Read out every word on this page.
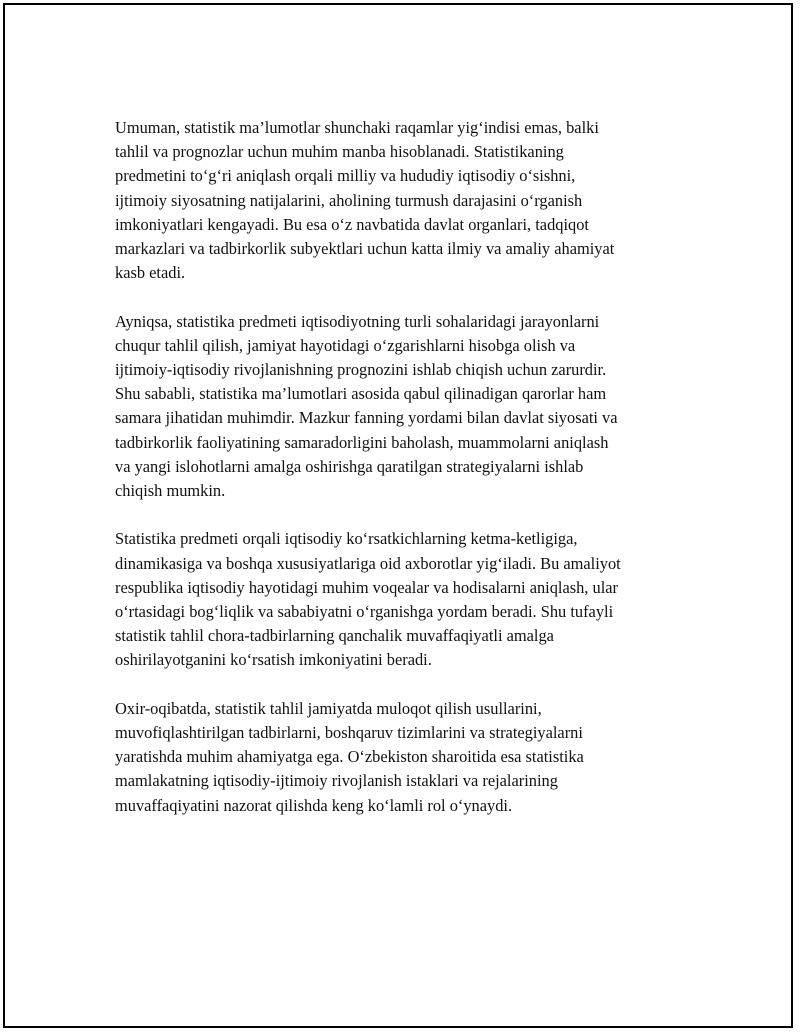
Umuman, statistik ma’lumotlar shunchaki raqamlar yig‘indisi emas, balki
tahlil va prognozlar uchun muhim manba hisoblanadi. Statistikaning
predmetini to‘g‘ri aniqlash orqali milliy va hududiy iqtisodiy o‘sishni,
ijtimoiy siyosatning natijalarini, aholining turmush darajasini o‘rganish
imkoniyatlari kengayadi. Bu esa o‘z navbatida davlat organlari, tadqiqot
markazlari va tadbirkorlik subyektlari uchun katta ilmiy va amaliy ahamiyat
kasb etadi.

Ayniqsa, statistika predmeti iqtisodiyotning turli sohalaridagi jarayonlarni
chuqur tahlil qilish, jamiyat hayotidagi o‘zgarishlarni hisobga olish va
ijtimoiy-iqtisodiy rivojlanishning prognozini ishlab chiqish uchun zarurdir.
Shu sababli, statistika ma’lumotlari asosida qabul qilinadigan qarorlar ham
samara jihatidan muhimdir. Mazkur fanning yordami bilan davlat siyosati va
tadbirkorlik faoliyatining samaradorligini baholash, muammolarni aniqlash
va yangi islohotlarni amalga oshirishga qaratilgan strategiyalarni ishlab
chiqish mumkin.

Statistika predmeti orqali iqtisodiy ko‘rsatkichlarning ketma-ketligiga,
dinamikasiga va boshqa xususiyatlariga oid axborotlar yig‘iladi. Bu amaliyot
respublika iqtisodiy hayotidagi muhim voqealar va hodisalarni aniqlash, ular
o‘rtasidagi bog‘liqlik va sababiyatni o‘rganishga yordam beradi. Shu tufayli
statistik tahlil chora-tadbirlarning qanchalik muvaffaqiyatli amalga
oshirilayotganini ko‘rsatish imkoniyatini beradi.

Oxir-oqibatda, statistik tahlil jamiyatda muloqot qilish usullarini,
muvofiqlashtirilgan tadbirlarni, boshqaruv tizimlarini va strategiyalarni
yaratishda muhim ahamiyatga ega. O‘zbekiston sharoitida esa statistika
mamlakatning iqtisodiy-ijtimoiy rivojlanish istaklari va rejalarining
muvaffaqiyatini nazorat qilishda keng ko‘lamli rol o‘ynaydi.
